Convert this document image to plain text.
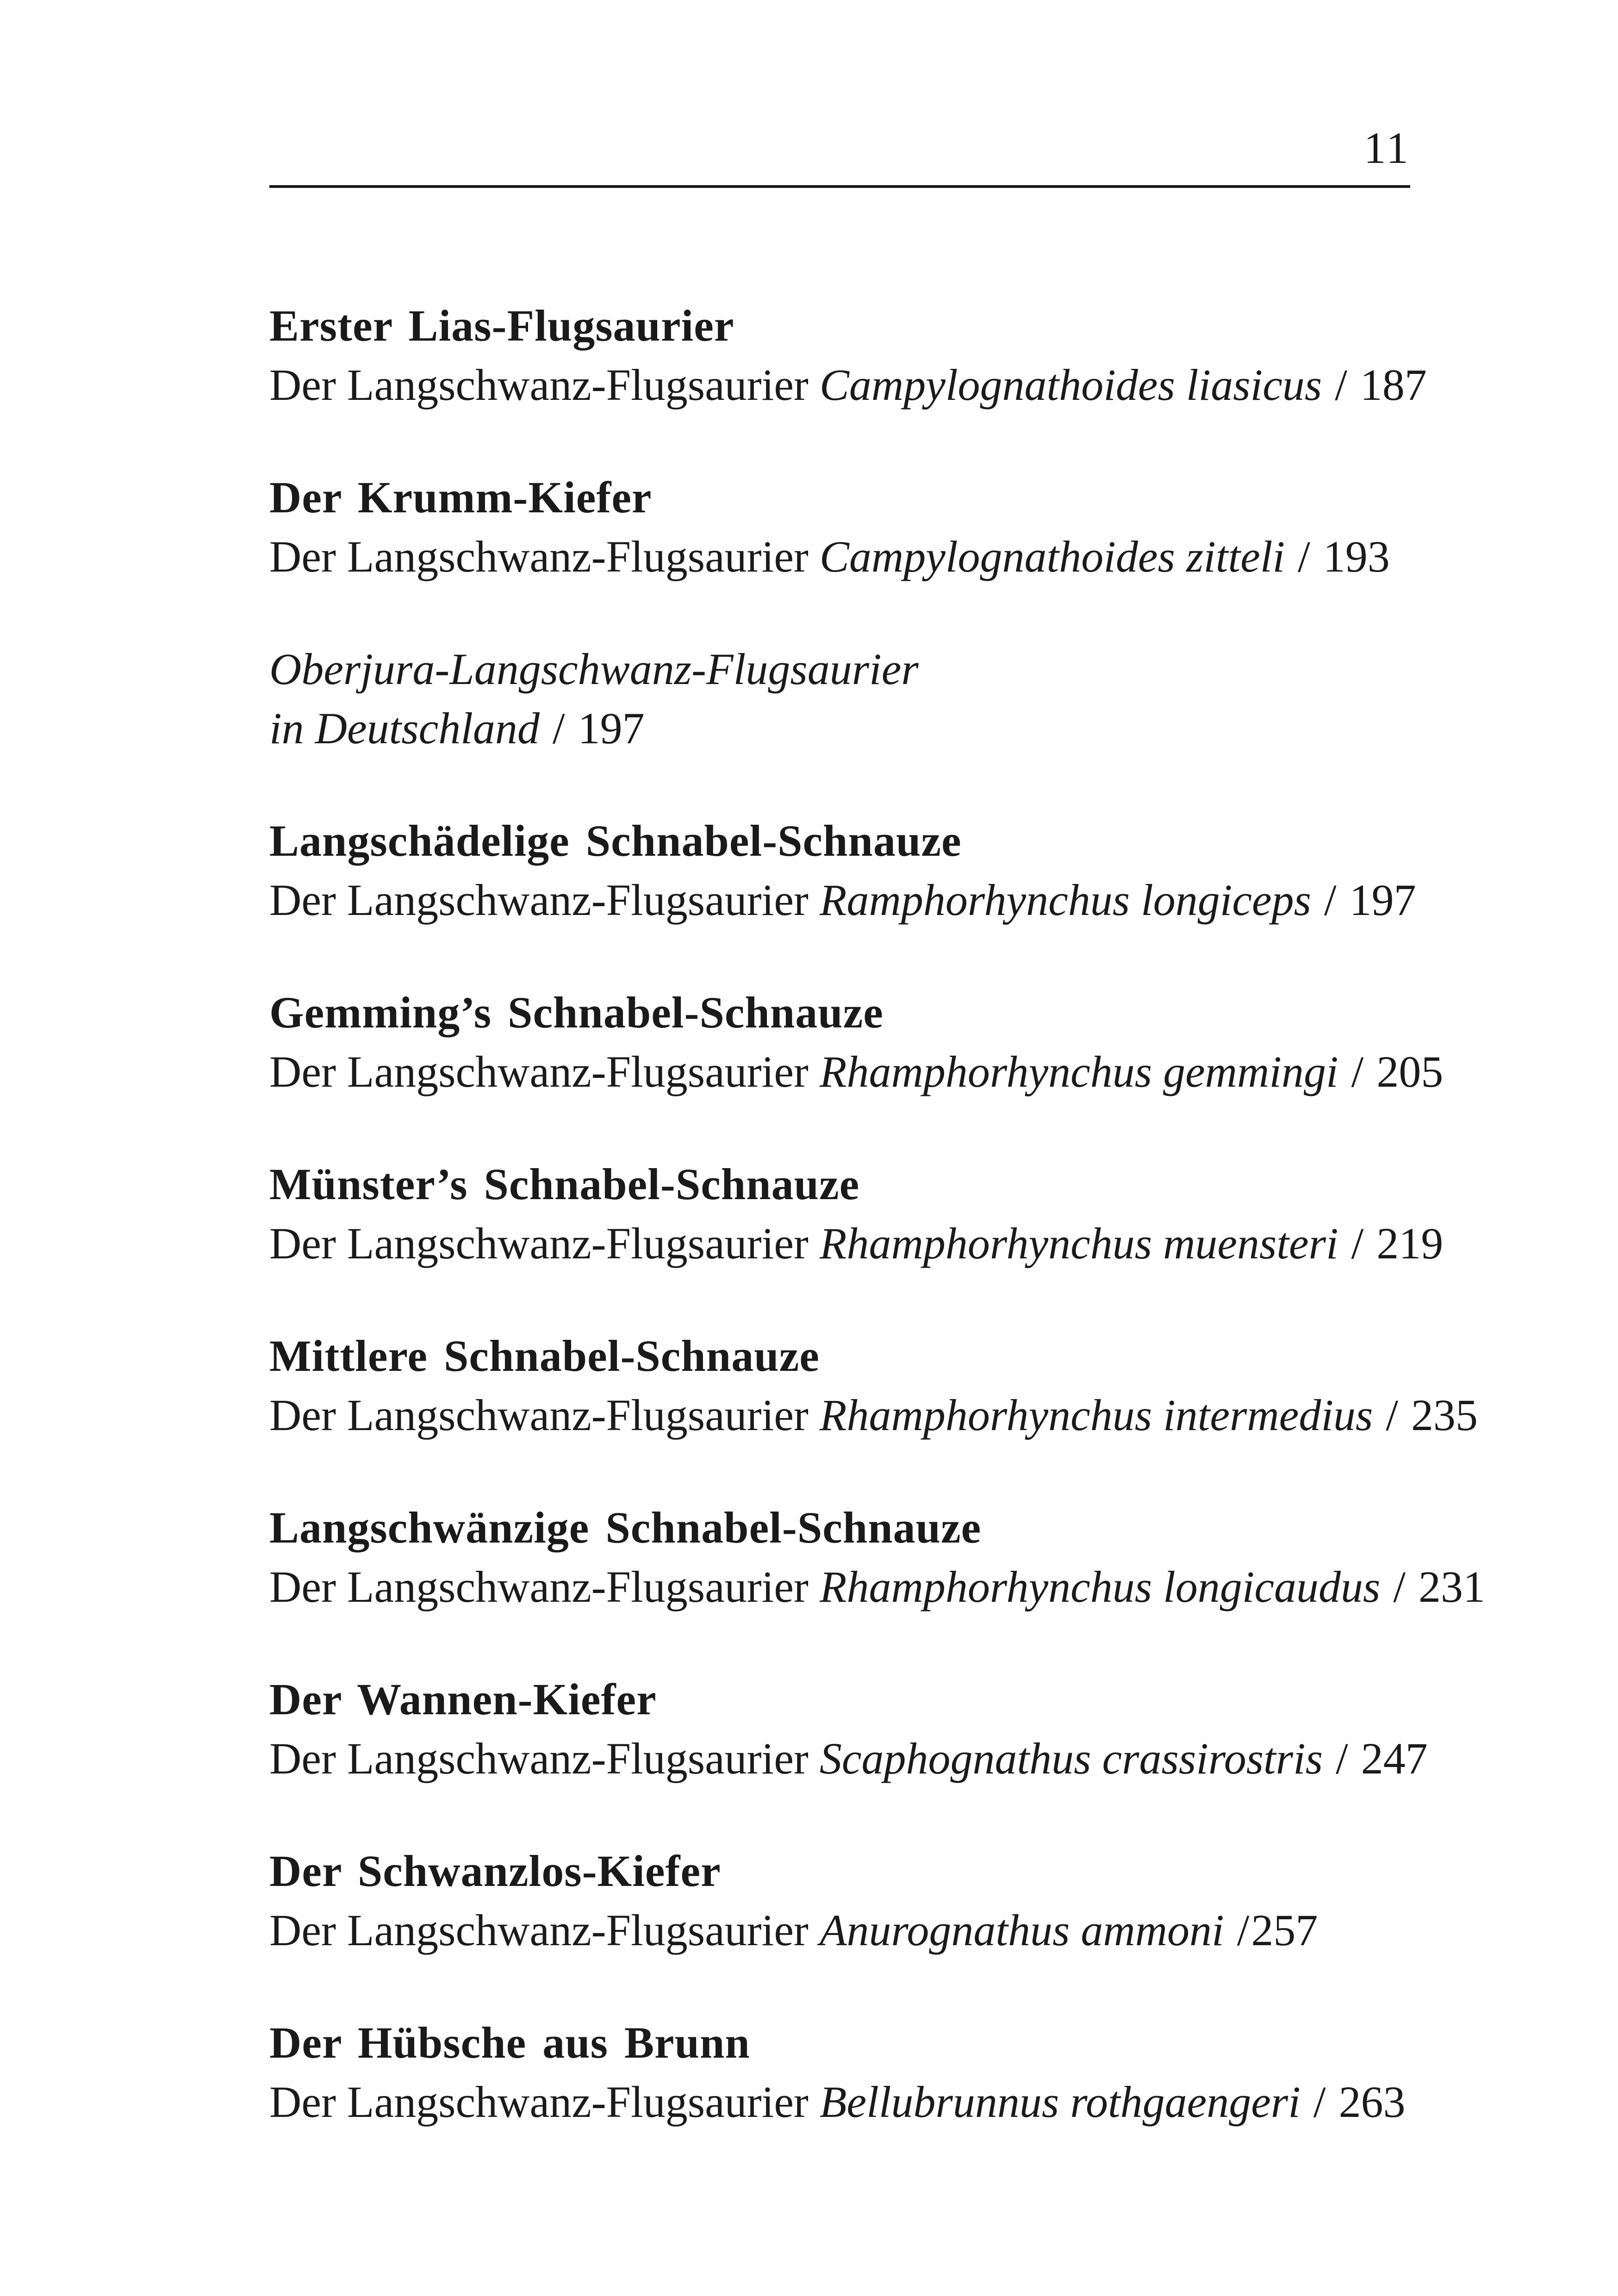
11
Erster Lias-Flugsaurier
Der Langschwanz-Flugsaurier Campylognathoides liasicus / 187
Der Krumm-Kiefer
Der Langschwanz-Flugsaurier Campylognathoides zitteli / 193
Oberjura-Langschwanz-Flugsaurier
in Deutschland / 197
Langschädelige Schnabel-Schnauze
Der Langschwanz-Flugsaurier Ramphorhynchus longiceps / 197
Gemming’s Schnabel-Schnauze
Der Langschwanz-Flugsaurier Rhamphorhynchus gemmingi / 205
Münster’s Schnabel-Schnauze
Der Langschwanz-Flugsaurier Rhamphorhynchus muensteri / 219
Mittlere Schnabel-Schnauze
Der Langschwanz-Flugsaurier Rhamphorhynchus intermedius / 235
Langschwänzige Schnabel-Schnauze
Der Langschwanz-Flugsaurier Rhamphorhynchus longicaudus / 231
Der Wannen-Kiefer
Der Langschwanz-Flugsaurier Scaphognathus crassirostris / 247
Der Schwanzlos-Kiefer
Der Langschwanz-Flugsaurier Anurognathus ammoni /257
Der Hübsche aus Brunn
Der Langschwanz-Flugsaurier Bellubrunnus rothgaengeri / 263
